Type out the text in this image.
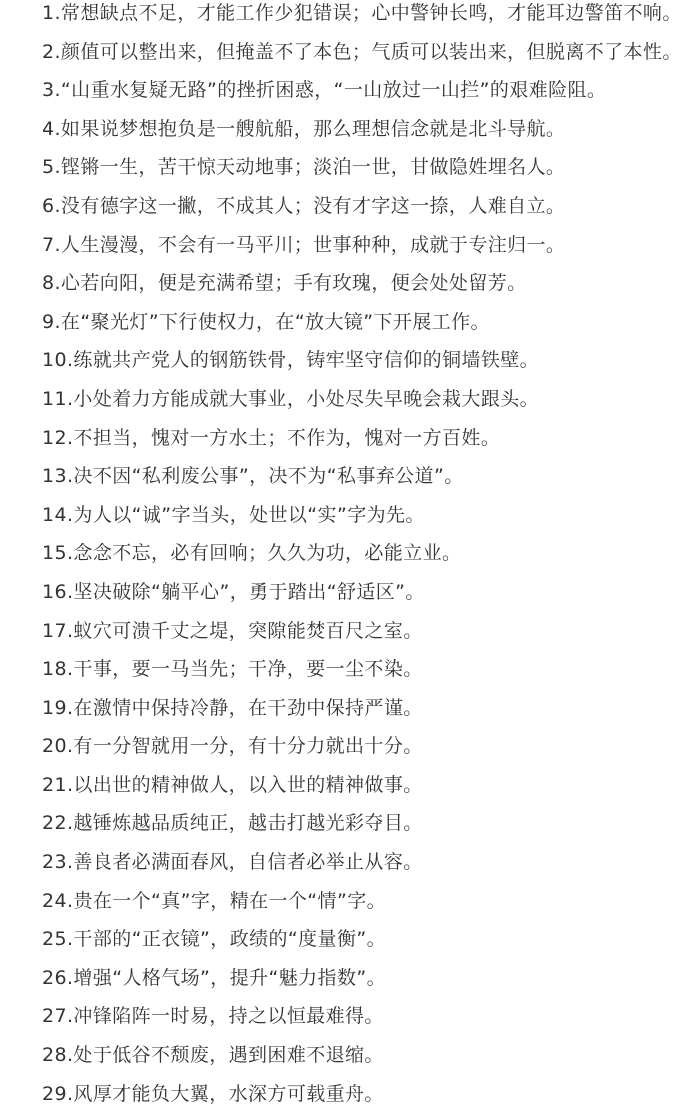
1.常想缺点不足，才能工作少犯错误；心中警钟长鸣，才能耳边警笛不响。
2.颜值可以整出来，但掩盖不了本色；气质可以装出来，但脱离不了本性。
3.“山重水复疑无路”的挫折困惑，“一山放过一山拦”的艰难险阻。
4.如果说梦想抱负是一艘航船，那么理想信念就是北斗导航。
5.铿锵一生，苦干惊天动地事；淡泊一世，甘做隐姓埋名人。
6.没有德字这一撇，不成其人；没有才字这一捺，人难自立。
7.人生漫漫，不会有一马平川；世事种种，成就于专注归一。
8.心若向阳，便是充满希望；手有玫瑰，便会处处留芳。
9.在“聚光灯”下行使权力，在“放大镜”下开展工作。
10.练就共产党人的钢筋铁骨，铸牢坚守信仰的铜墙铁壁。
11.小处着力方能成就大事业，小处尽失早晚会栽大跟头。
12.不担当，愧对一方水土；不作为，愧对一方百姓。
13.决不因“私利废公事”，决不为“私事弃公道”。
14.为人以“诚”字当头，处世以“实”字为先。
15.念念不忘，必有回响；久久为功，必能立业。
16.坚决破除“躺平心”，勇于踏出“舒适区”。
17.蚁穴可溃千丈之堤，突隙能焚百尺之室。
18.干事，要一马当先；干净，要一尘不染。
19.在激情中保持冷静，在干劲中保持严谨。
20.有一分智就用一分，有十分力就出十分。
21.以出世的精神做人，以入世的精神做事。
22.越锤炼越品质纯正，越击打越光彩夺目。
23.善良者必满面春风，自信者必举止从容。
24.贵在一个“真”字，精在一个“情”字。
25.干部的“正衣镜”，政绩的“度量衡”。
26.增强“人格气场”，提升“魅力指数”。
27.冲锋陷阵一时易，持之以恒最难得。
28.处于低谷不颓废，遇到困难不退缩。
29.风厚才能负大翼，水深方可载重舟。
